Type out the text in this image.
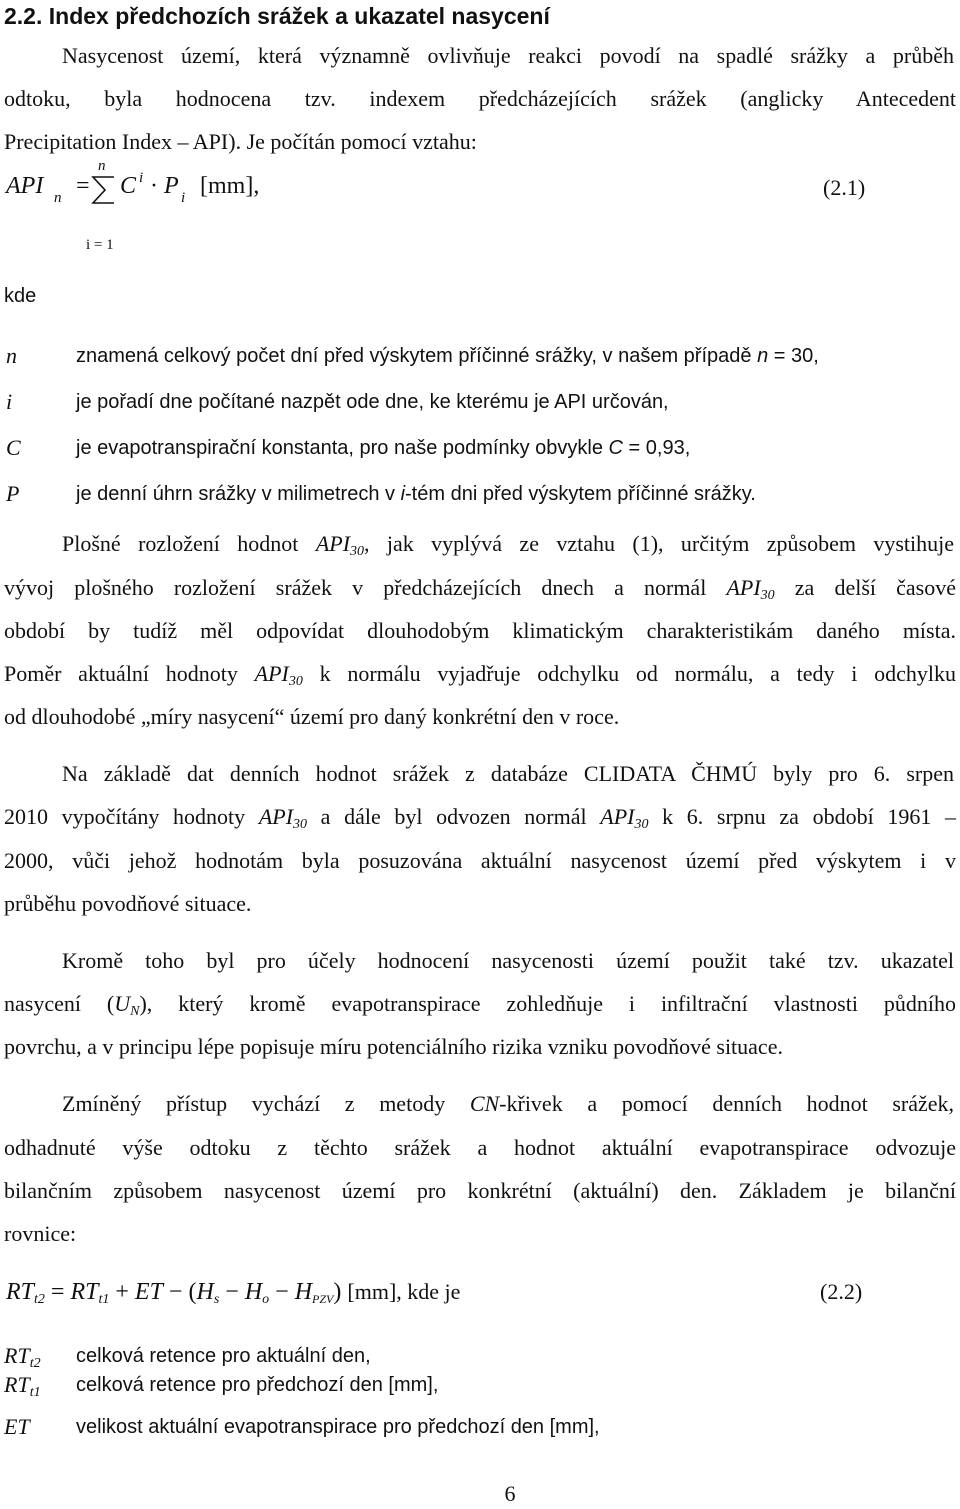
2.2. Index předchozích srážek a ukazatel nasycení
Nasycenost území, která významně ovlivňuje reakci povodí na spadlé srážky a průběh
odtoku, byla hodnocena tzv. indexem předcházejících srážek (anglicky Antecedent
Precipitation Index – API). Je počítán pomocí vztahu:
API n =
n
i = 1
C i · P i [mm],	(2.1)
kde
n	znamená celkový počet dní před výskytem příčinné srážky, v našem případě n = 30,
i	je pořadí dne počítané nazpět ode dne, ke kterému je API určován,
C	je evapotranspirační konstanta, pro naše podmínky obvykle C = 0,93,
P	je denní úhrn srážky v milimetrech v i-tém dni před výskytem příčinné srážky.
Plošné rozložení hodnot $API_{30}$, jak vyplývá ze vztahu (1), určitým způsobem vystihuje
vývoj plošného rozložení srážek v předcházejících dnech a normál $API_{30}$ za delší časové
období by tudíž měl odpovídat dlouhodobým klimatickým charakteristikám daného místa.
Poměr aktuální hodnoty $API_{30}$ k normálu vyjadřuje odchylku od normálu, a tedy i odchylku
od dlouhodobé „míry nasycení“ území pro daný konkrétní den v roce.
Na základě dat denních hodnot srážek z databáze CLIDATA ČHMÚ byly pro 6. srpen
2010 vypočítány hodnoty $API_{30}$ a dále byl odvozen normál $API_{30}$ k 6. srpnu za období 1961 –
2000, vůči jehož hodnotám byla posuzována aktuální nasycenost území před výskytem i v
průběhu povodňové situace.
Kromě toho byl pro účely hodnocení nasycenosti území použit také tzv. ukazatel
nasycení $(U_N)$, který kromě evapotranspirace zohledňuje i infiltrační vlastnosti půdního
povrchu, a v principu lépe popisuje míru potenciálního rizika vzniku povodňové situace.
Zmíněný přístup vychází z metody CN-křivek a pomocí denních hodnot srážek,
odhadnuté výše odtoku z těchto srážek a hodnot aktuální evapotranspirace odvozuje
bilančním způsobem nasycenost území pro konkrétní (aktuální) den. Základem je bilanční
rovnice:
$RT_{t2} = RT_{t1}$ + ET − $(H_s - H_o - H_{PZV})$ [mm], kde je	(2.2)
$RT_{t2}$ celková retence pro aktuální den,
$RT_{t1}$ celková retence pro předchozí den [mm],
ET velikost aktuální evapotranspirace pro předchozí den [mm],
6
